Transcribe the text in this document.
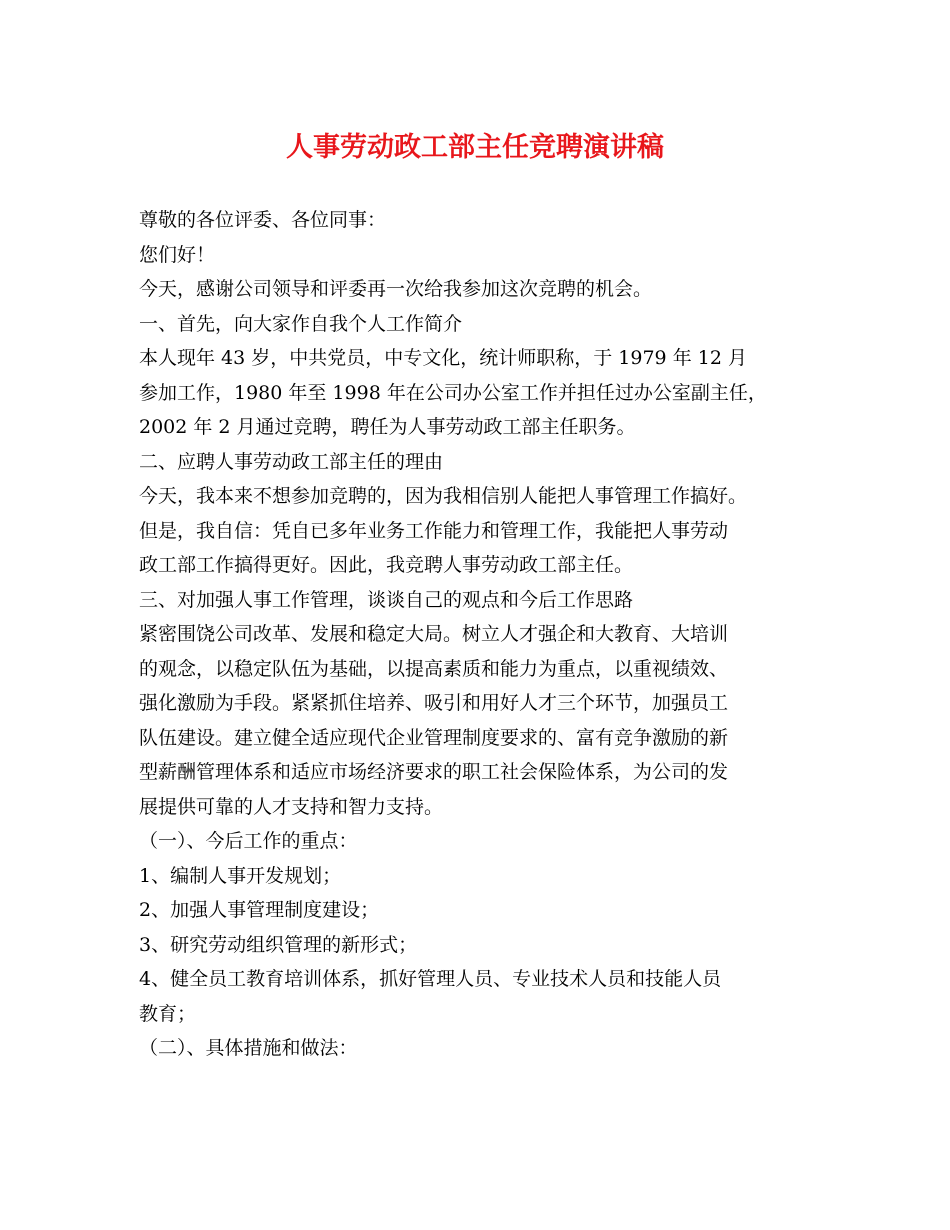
人事劳动政工部主任竞聘演讲稿
尊敬的各位评委、各位同事：
您们好！
今天，感谢公司领导和评委再一次给我参加这次竞聘的机会。
一、首先，向大家作自我个人工作简介
本人现年 43 岁，中共党员，中专文化，统计师职称，于 1979 年 12 月
参加工作，1980 年至 1998 年在公司办公室工作并担任过办公室副主任，
2002 年 2 月通过竞聘，聘任为人事劳动政工部主任职务。
二、应聘人事劳动政工部主任的理由
今天，我本来不想参加竞聘的，因为我相信别人能把人事管理工作搞好。
但是，我自信：凭自已多年业务工作能力和管理工作，我能把人事劳动
政工部工作搞得更好。因此，我竞聘人事劳动政工部主任。
三、对加强人事工作管理，谈谈自己的观点和今后工作思路
紧密围饶公司改革、发展和稳定大局。树立人才强企和大教育、大培训
的观念，以稳定队伍为基础，以提高素质和能力为重点，以重视绩效、
强化激励为手段。紧紧抓住培养、吸引和用好人才三个环节，加强员工
队伍建设。建立健全适应现代企业管理制度要求的、富有竞争激励的新
型薪酬管理体系和适应市场经济要求的职工社会保险体系，为公司的发
展提供可靠的人才支持和智力支持。
（一）、今后工作的重点：
1、编制人事开发规划；
2、加强人事管理制度建设；
3、研究劳动组织管理的新形式；
4、健全员工教育培训体系，抓好管理人员、专业技术人员和技能人员
教育；
（二）、具体措施和做法：
